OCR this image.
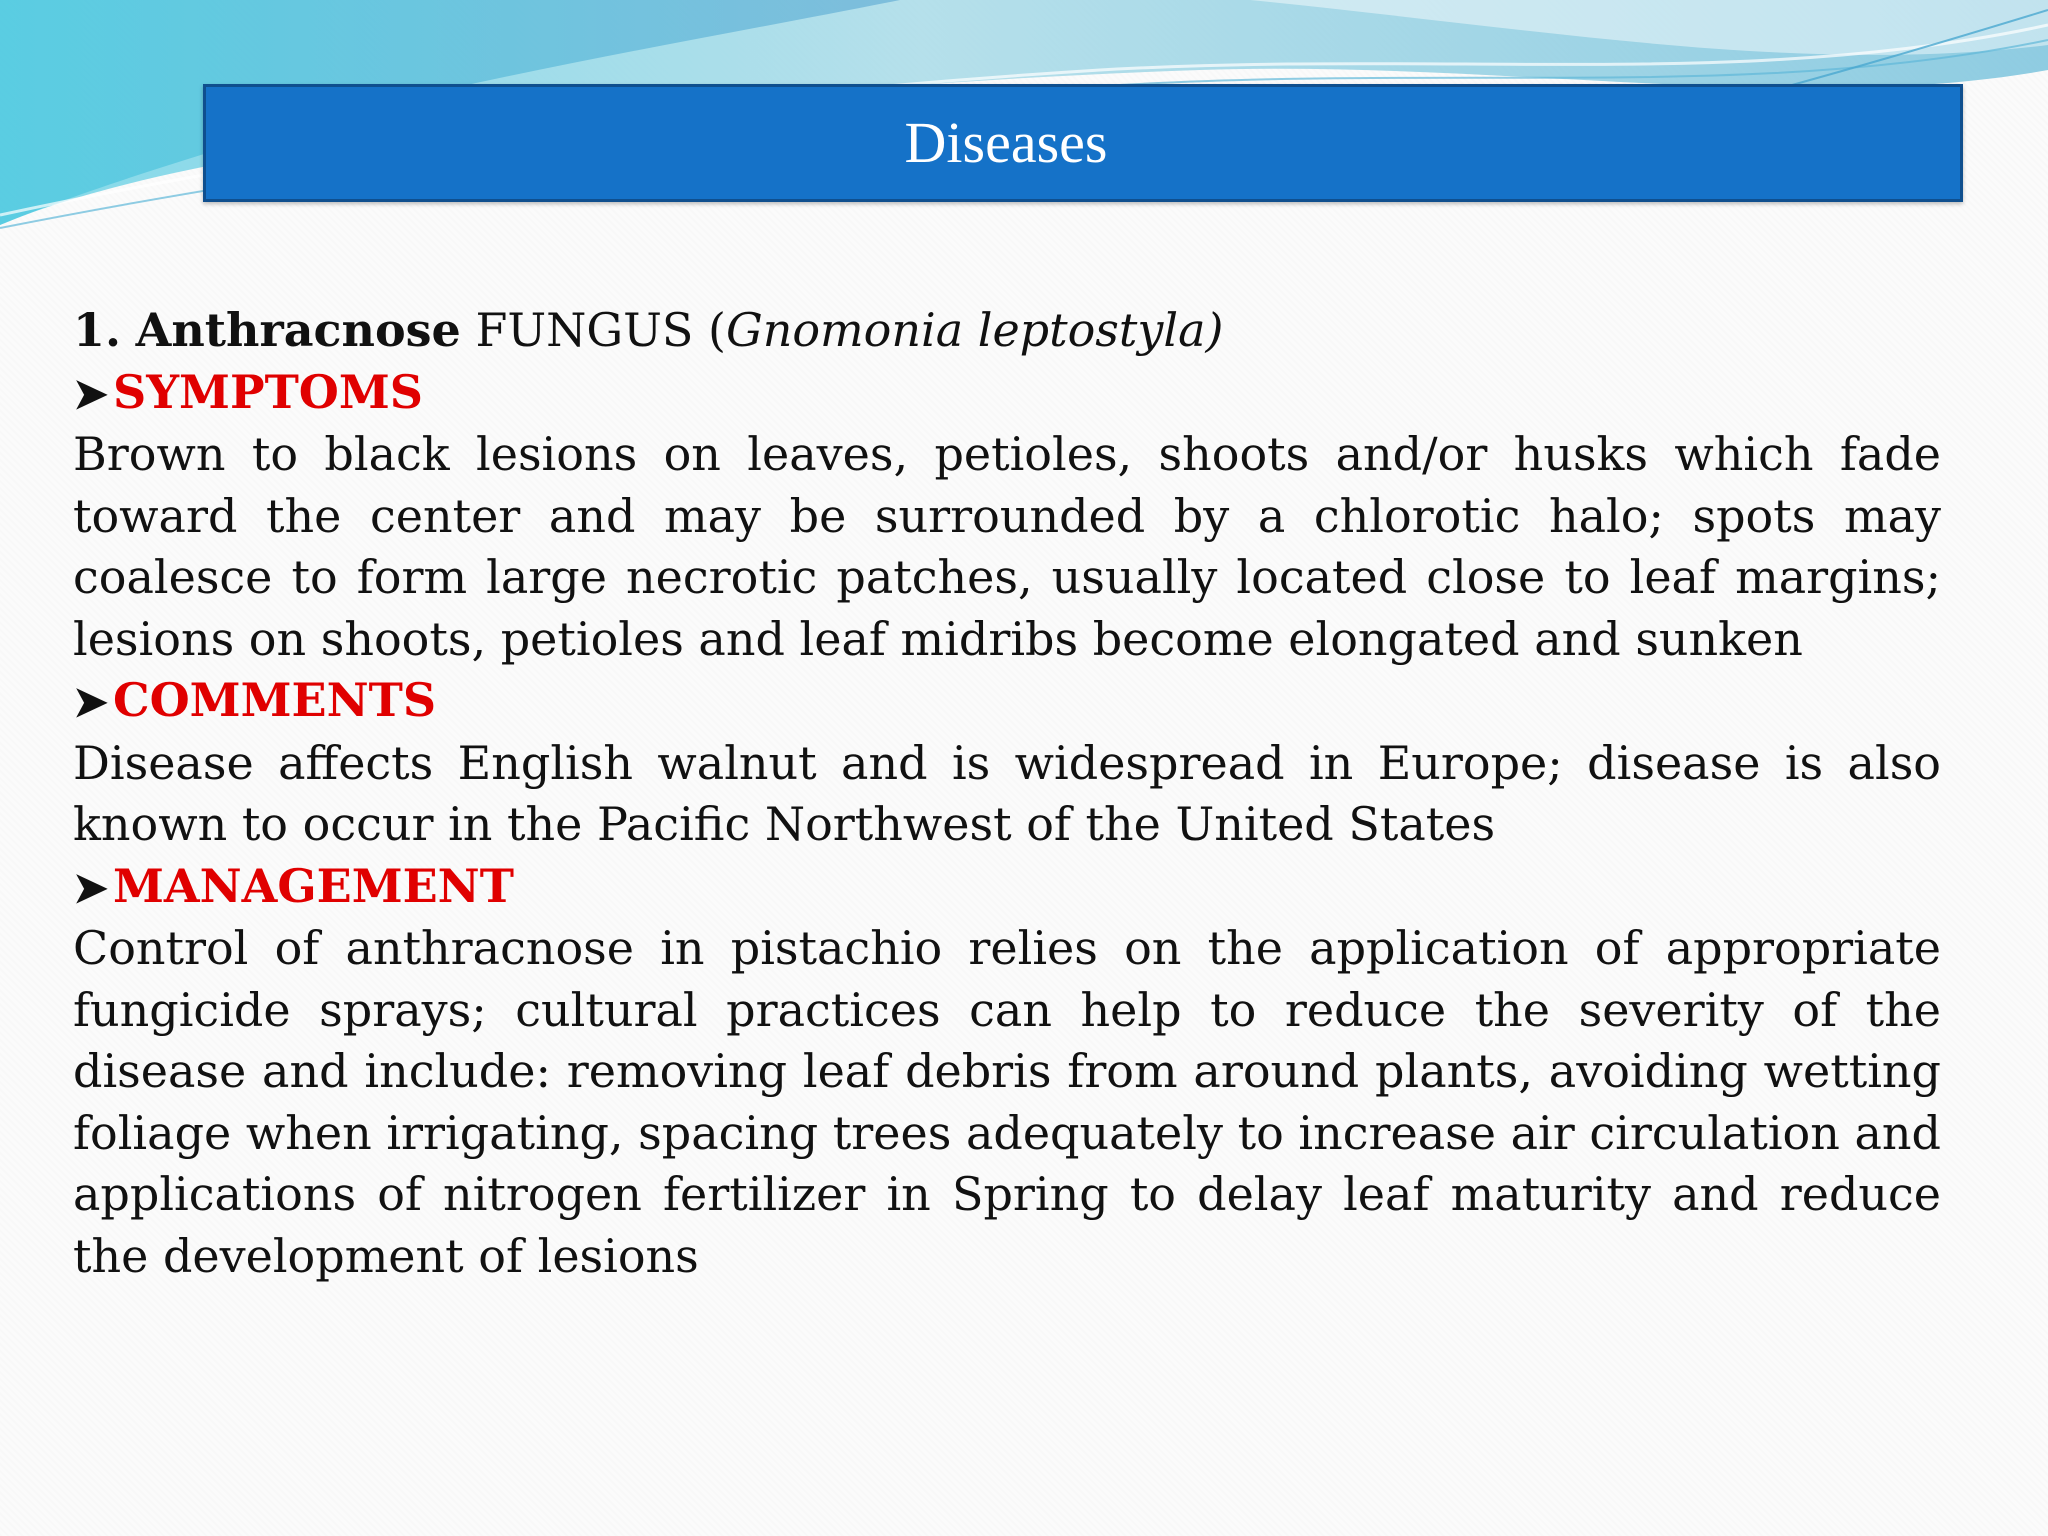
Diseases

1. Anthracnose FUNGUS (Gnomonia leptostyla)

➤ SYMPTOMS

Brown to black lesions on leaves, petioles, shoots and/or husks which fade toward the center and may be surrounded by a chlorotic halo; spots may coalesce to form large necrotic patches, usually located close to leaf margins; lesions on shoots, petioles and leaf midribs become elongated and sunken

➤ COMMENTS

Disease affects English walnut and is widespread in Europe; disease is also known to occur in the Pacific Northwest of the United States

➤ MANAGEMENT

Control of anthracnose in pistachio relies on the application of appropriate fungicide sprays; cultural practices can help to reduce the severity of the disease and include: removing leaf debris from around plants, avoiding wetting foliage when irrigating, spacing trees adequately to increase air circulation and applications of nitrogen fertilizer in Spring to delay leaf maturity and reduce the development of lesions
